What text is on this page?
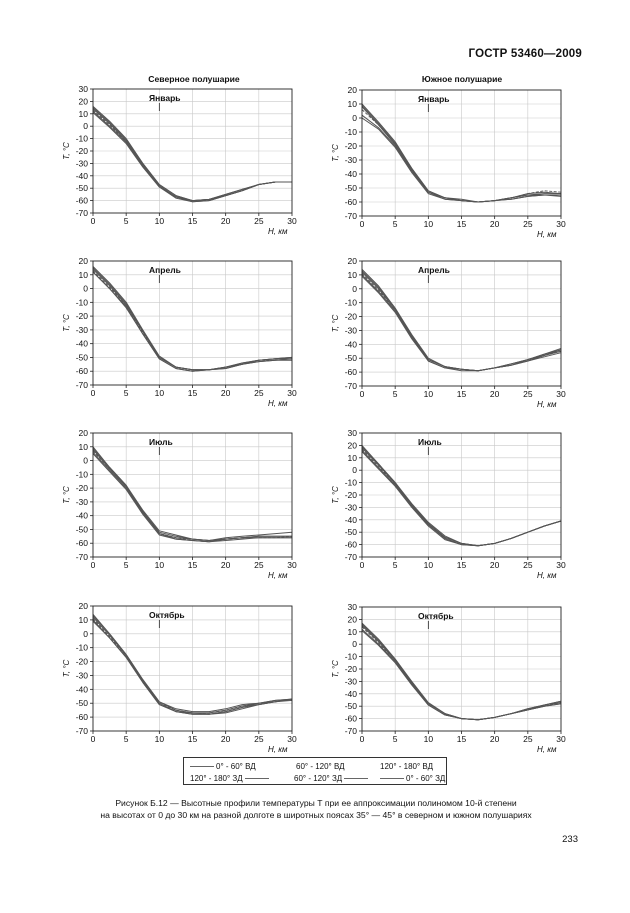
ГОСТР 53460—2009
Северное полушарие	Южное полушарие
30
20
10
0
-10
-20
-30
-40
-50
-60
-70
0	5	10	15	20	25	30
Н, км
Т, °С
Январь
20
10
0
-10
-20
-30
-40
-50
-60
-70
0	5	10	15	20	25	30
Н, км
Т, °С
Январь
20
10
0
-10
-20
-30
-40
-50
-60
-70
0	5	10	15	20	25	30
Н, км
Т, °С
Апрель
20
10
0
-10
-20
-30
-40
-50
-60
-70
0	5	10	15	20	25	30
Н, км
Т, °С
Апрель
20
10
0
-10
-20
-30
-40
-50
-60
-70
0	5	10	15	20	25	30
Н, км
Т, °С
Июль
30
20
10
0
-10
-20
-30
-40
-50
-60
-70
0	5	10	15	20	25	30
Н, км
Т, °С
Июль
20
10
0
-10
-20
-30
-40
-50
-60
-70
0	5	10	15	20	25	30
Н, км
Т, °С
Октябрь
30
20
10
0
-10
-20
-30
-40
-50
-60
-70
0	5	10	15	20	25	30
Н, км
Т, °С
Октябрь
0° - 60° ВД	60° - 120° ВД	120° - 180° ВД
120° - 180° ЗД	60° - 120° ЗД	0° - 60° ЗД
Рисунок Б.12 — Высотные профили температуры Т при ее аппроксимации полиномом 10-й степени
на высотах от 0 до 30 км на разной долготе в широтных поясах 35° — 45° в северном и южном полушариях
233
